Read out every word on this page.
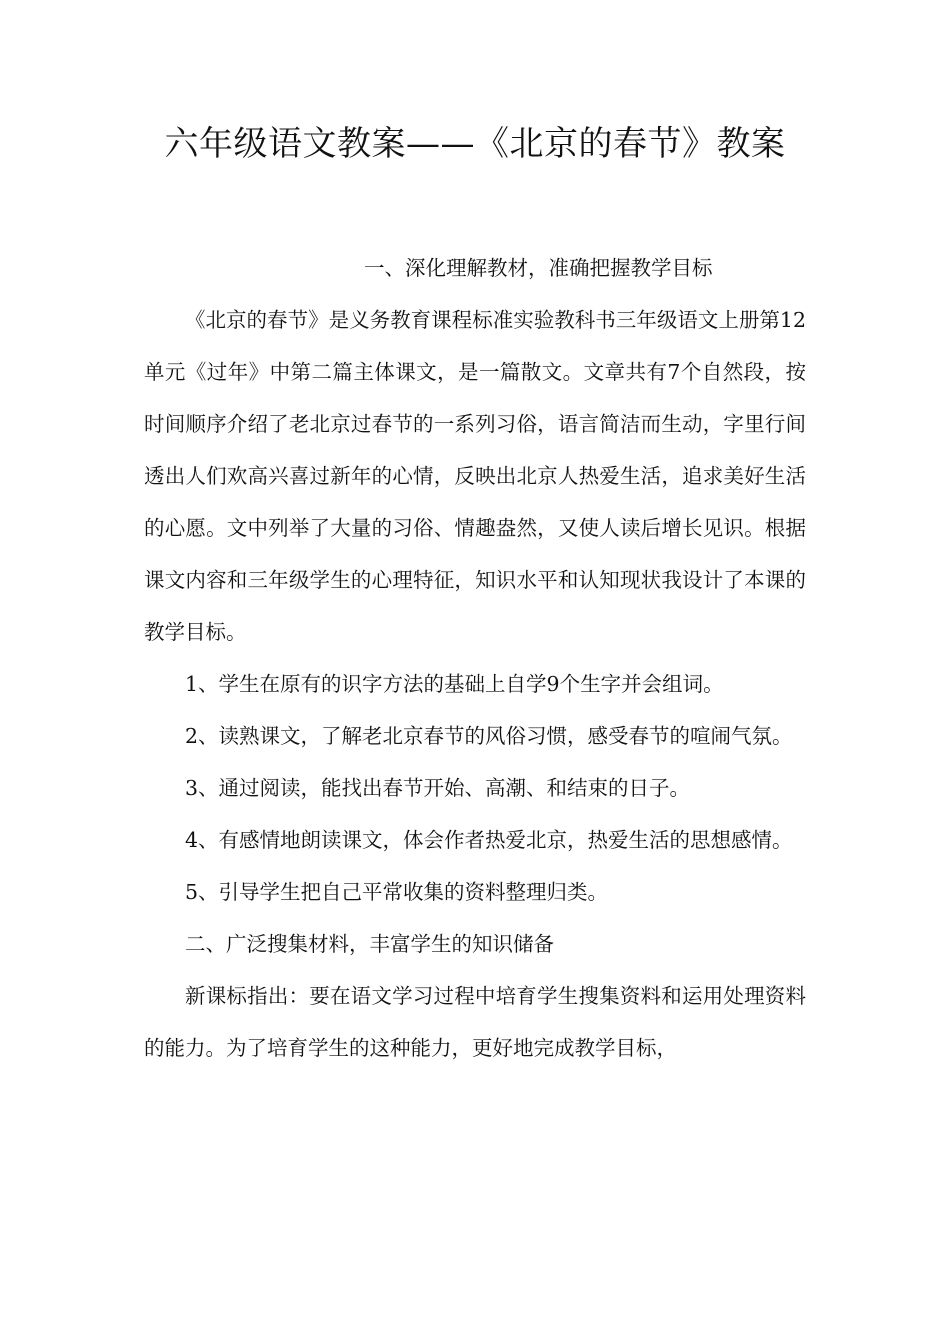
六年级语文教案——《北京的春节》教案

一、深化理解教材，准确把握教学目标

《北京的春节》是义务教育课程标准实验教科书三年级语文上册第12单元《过年》中第二篇主体课文，是一篇散文。文章共有7个自然段，按时间顺序介绍了老北京过春节的一系列习俗，语言简洁而生动，字里行间透出人们欢高兴喜过新年的心情，反映出北京人热爱生活，追求美好生活的心愿。文中列举了大量的习俗、情趣盎然，又使人读后增长见识。根据课文内容和三年级学生的心理特征，知识水平和认知现状我设计了本课的教学目标。

1、学生在原有的识字方法的基础上自学9个生字并会组词。

2、读熟课文，了解老北京春节的风俗习惯，感受春节的喧闹气氛。

3、通过阅读，能找出春节开始、高潮、和结束的日子。

4、有感情地朗读课文，体会作者热爱北京，热爱生活的思想感情。

5、引导学生把自己平常收集的资料整理归类。

二、广泛搜集材料，丰富学生的知识储备

新课标指出：要在语文学习过程中培育学生搜集资料和运用处理资料的能力。为了培育学生的这种能力，更好地完成教学目标，
